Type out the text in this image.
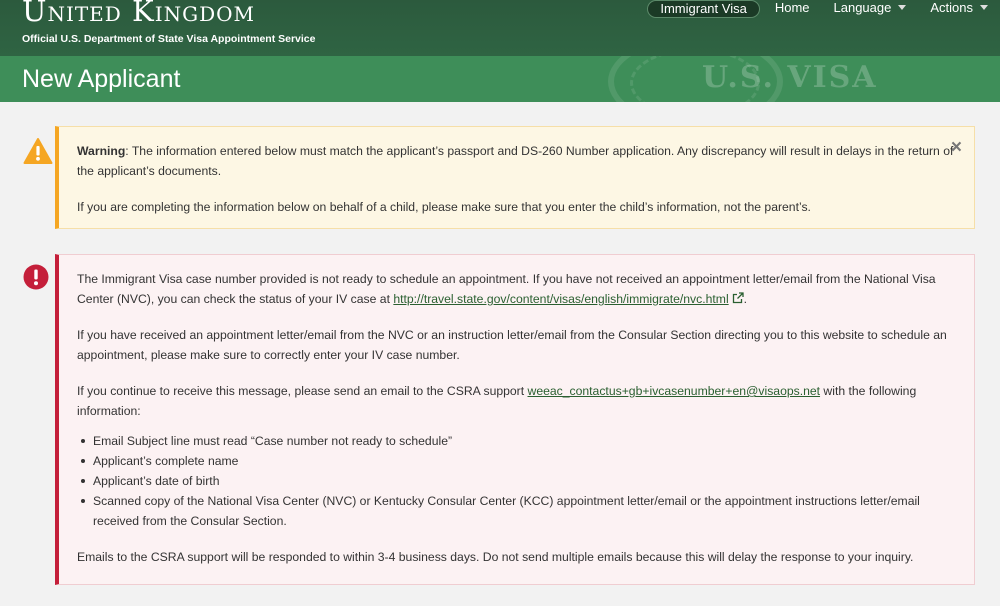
United Kingdom
Official U.S. Department of State Visa Appointment Service
Immigrant Visa	Home	Language	Actions
U.S. VISA
New Applicant
×

Warning: The information entered below must match the applicant’s passport and DS-260 Number application. Any discrepancy will result in delays in the return of the applicant’s documents.

If you are completing the information below on behalf of a child, please make sure that you enter the child’s information, not the parent’s.

The Immigrant Visa case number provided is not ready to schedule an appointment. If you have not received an appointment letter/email from the National Visa Center (NVC), you can check the status of your IV case at http://travel.state.gov/content/visas/english/immigrate/nvc.html .

If you have received an appointment letter/email from the NVC or an instruction letter/email from the Consular Section directing you to this website to schedule an appointment, please make sure to correctly enter your IV case number.

If you continue to receive this message, please send an email to the CSRA support weeac_contactus+gb+ivcasenumber+en@visaops.net with the following information:

Email Subject line must read “Case number not ready to schedule”
Applicant’s complete name
Applicant’s date of birth
Scanned copy of the National Visa Center (NVC) or Kentucky Consular Center (KCC) appointment letter/email or the appointment instructions letter/email received from the Consular Section.

Emails to the CSRA support will be responded to within 3-4 business days. Do not send multiple emails because this will delay the response to your inquiry.
